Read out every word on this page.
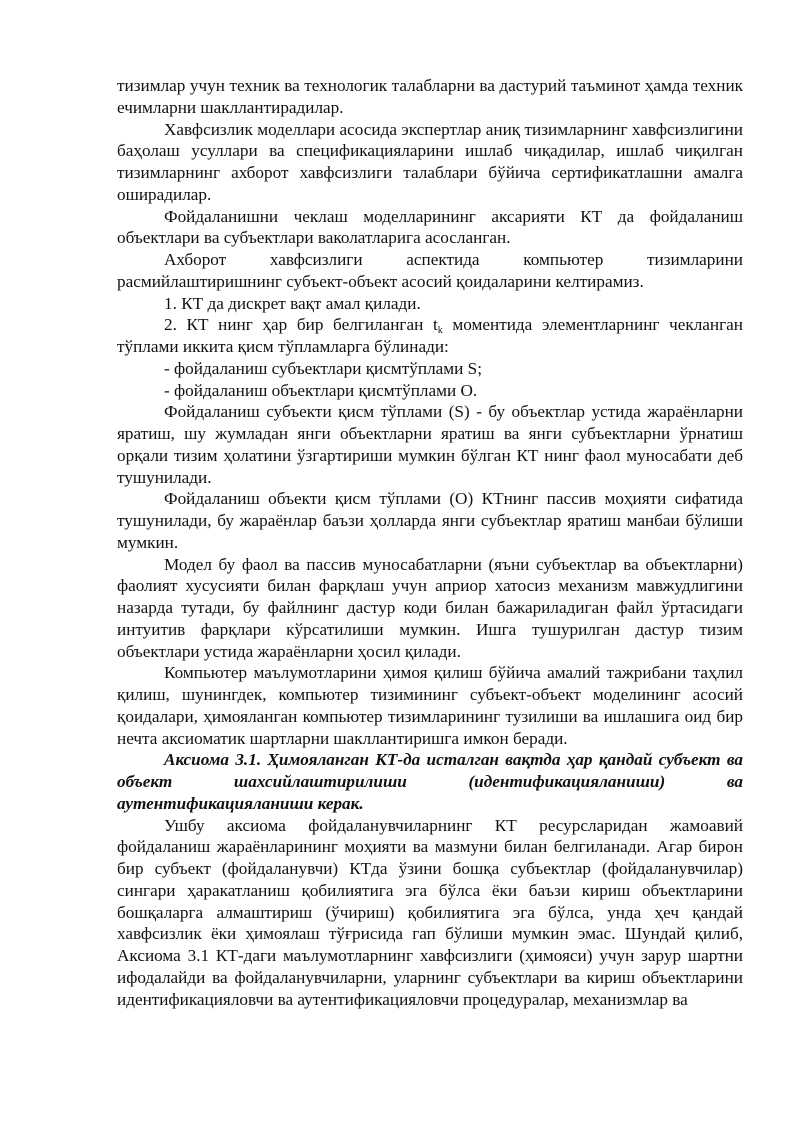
тизимлар учун техник ва технологик талабларни ва дастурий таъминот ҳамда техник ечимларни шакллантирадилар.

Хавфсизлик моделлари асосида экспертлар аниқ тизимларнинг хавфсизлигини баҳолаш усуллари ва спецификацияларини ишлаб чиқадилар, ишлаб чиқилган тизимларнинг ахборот хавфсизлиги талаблари бўйича сертификатлашни амалга оширадилар.

Фойдаланишни чеклаш моделларининг аксарияти КТ да фойдаланиш объектлари ва субъектлари ваколатларига асосланган.

Ахборот хавфсизлиги аспектида компьютер тизимларини расмийлаштиришнинг субъект-объект асосий қоидаларини келтирамиз.

1. КТ да дискрет вақт амал қилади.

2. КТ нинг ҳар бир белгиланган $t_k$ моментида элементларнинг чекланган тўплами иккита қисм тўпламларга бўлинади:

- фойдаланиш субъектлари қисмтўплами S;

- фойдаланиш объектлари қисмтўплами O.

Фойдаланиш субъекти қисм тўплами (S) - бу объектлар устида жараёнларни яратиш, шу жумладан янги объектларни яратиш ва янги субъектларни ўрнатиш орқали тизим ҳолатини ўзгартириши мумкин бўлган КТ нинг фаол муносабати деб тушунилади.

Фойдаланиш объекти қисм тўплами (O) КТнинг пассив моҳияти сифатида тушунилади, бу жараёнлар баъзи ҳолларда янги субъектлар яратиш манбаи бўлиши мумкин.

Модел бу фаол ва пассив муносабатларни (яъни субъектлар ва объектларни) фаолият хусусияти билан фарқлаш учун априор хатосиз механизм мавжудлигини назарда тутади, бу файлнинг дастур коди билан бажариладиган файл ўртасидаги интуитив фарқлари кўрсатилиши мумкин. Ишга тушурилган дастур тизим объектлари устида жараёнларни ҳосил қилади.

Компьютер маълумотларини ҳимоя қилиш бўйича амалий тажрибани таҳлил қилиш, шунингдек, компьютер тизимининг субъект-объект моделининг асосий қоидалари, ҳимояланган компьютер тизимларининг тузилиши ва ишлашига оид бир нечта аксиоматик шартларни шакллантиришга имкон беради.

Аксиома 3.1. Ҳимояланган КТ-да исталган вақтда ҳар қандай субъект ва объект шахсийлаштирилиши (идентификацияланиши) ва аутентификацияланиши керак.

Ушбу аксиома фойдаланувчиларнинг КТ ресурсларидан жамоавий фойдаланиш жараёнларининг моҳияти ва мазмуни билан белгиланади. Агар бирон бир субъект (фойдаланувчи) КТда ўзини бошқа субъектлар (фойдаланувчилар) сингари ҳаракатланиш қобилиятига эга бўлса ёки баъзи кириш объектларини бошқаларга алмаштириш (ўчириш) қобилиятига эга бўлса, унда ҳеч қандай хавфсизлик ёки ҳимоялаш тўғрисида гап бўлиши мумкин эмас. Шундай қилиб, Аксиома 3.1 КТ-даги маълумотларнинг хавфсизлиги (ҳимояси) учун зарур шартни ифодалайди ва фойдаланувчиларни, уларнинг субъектлари ва кириш объектларини идентификацияловчи ва аутентификацияловчи процедуралар, механизмлар ва
